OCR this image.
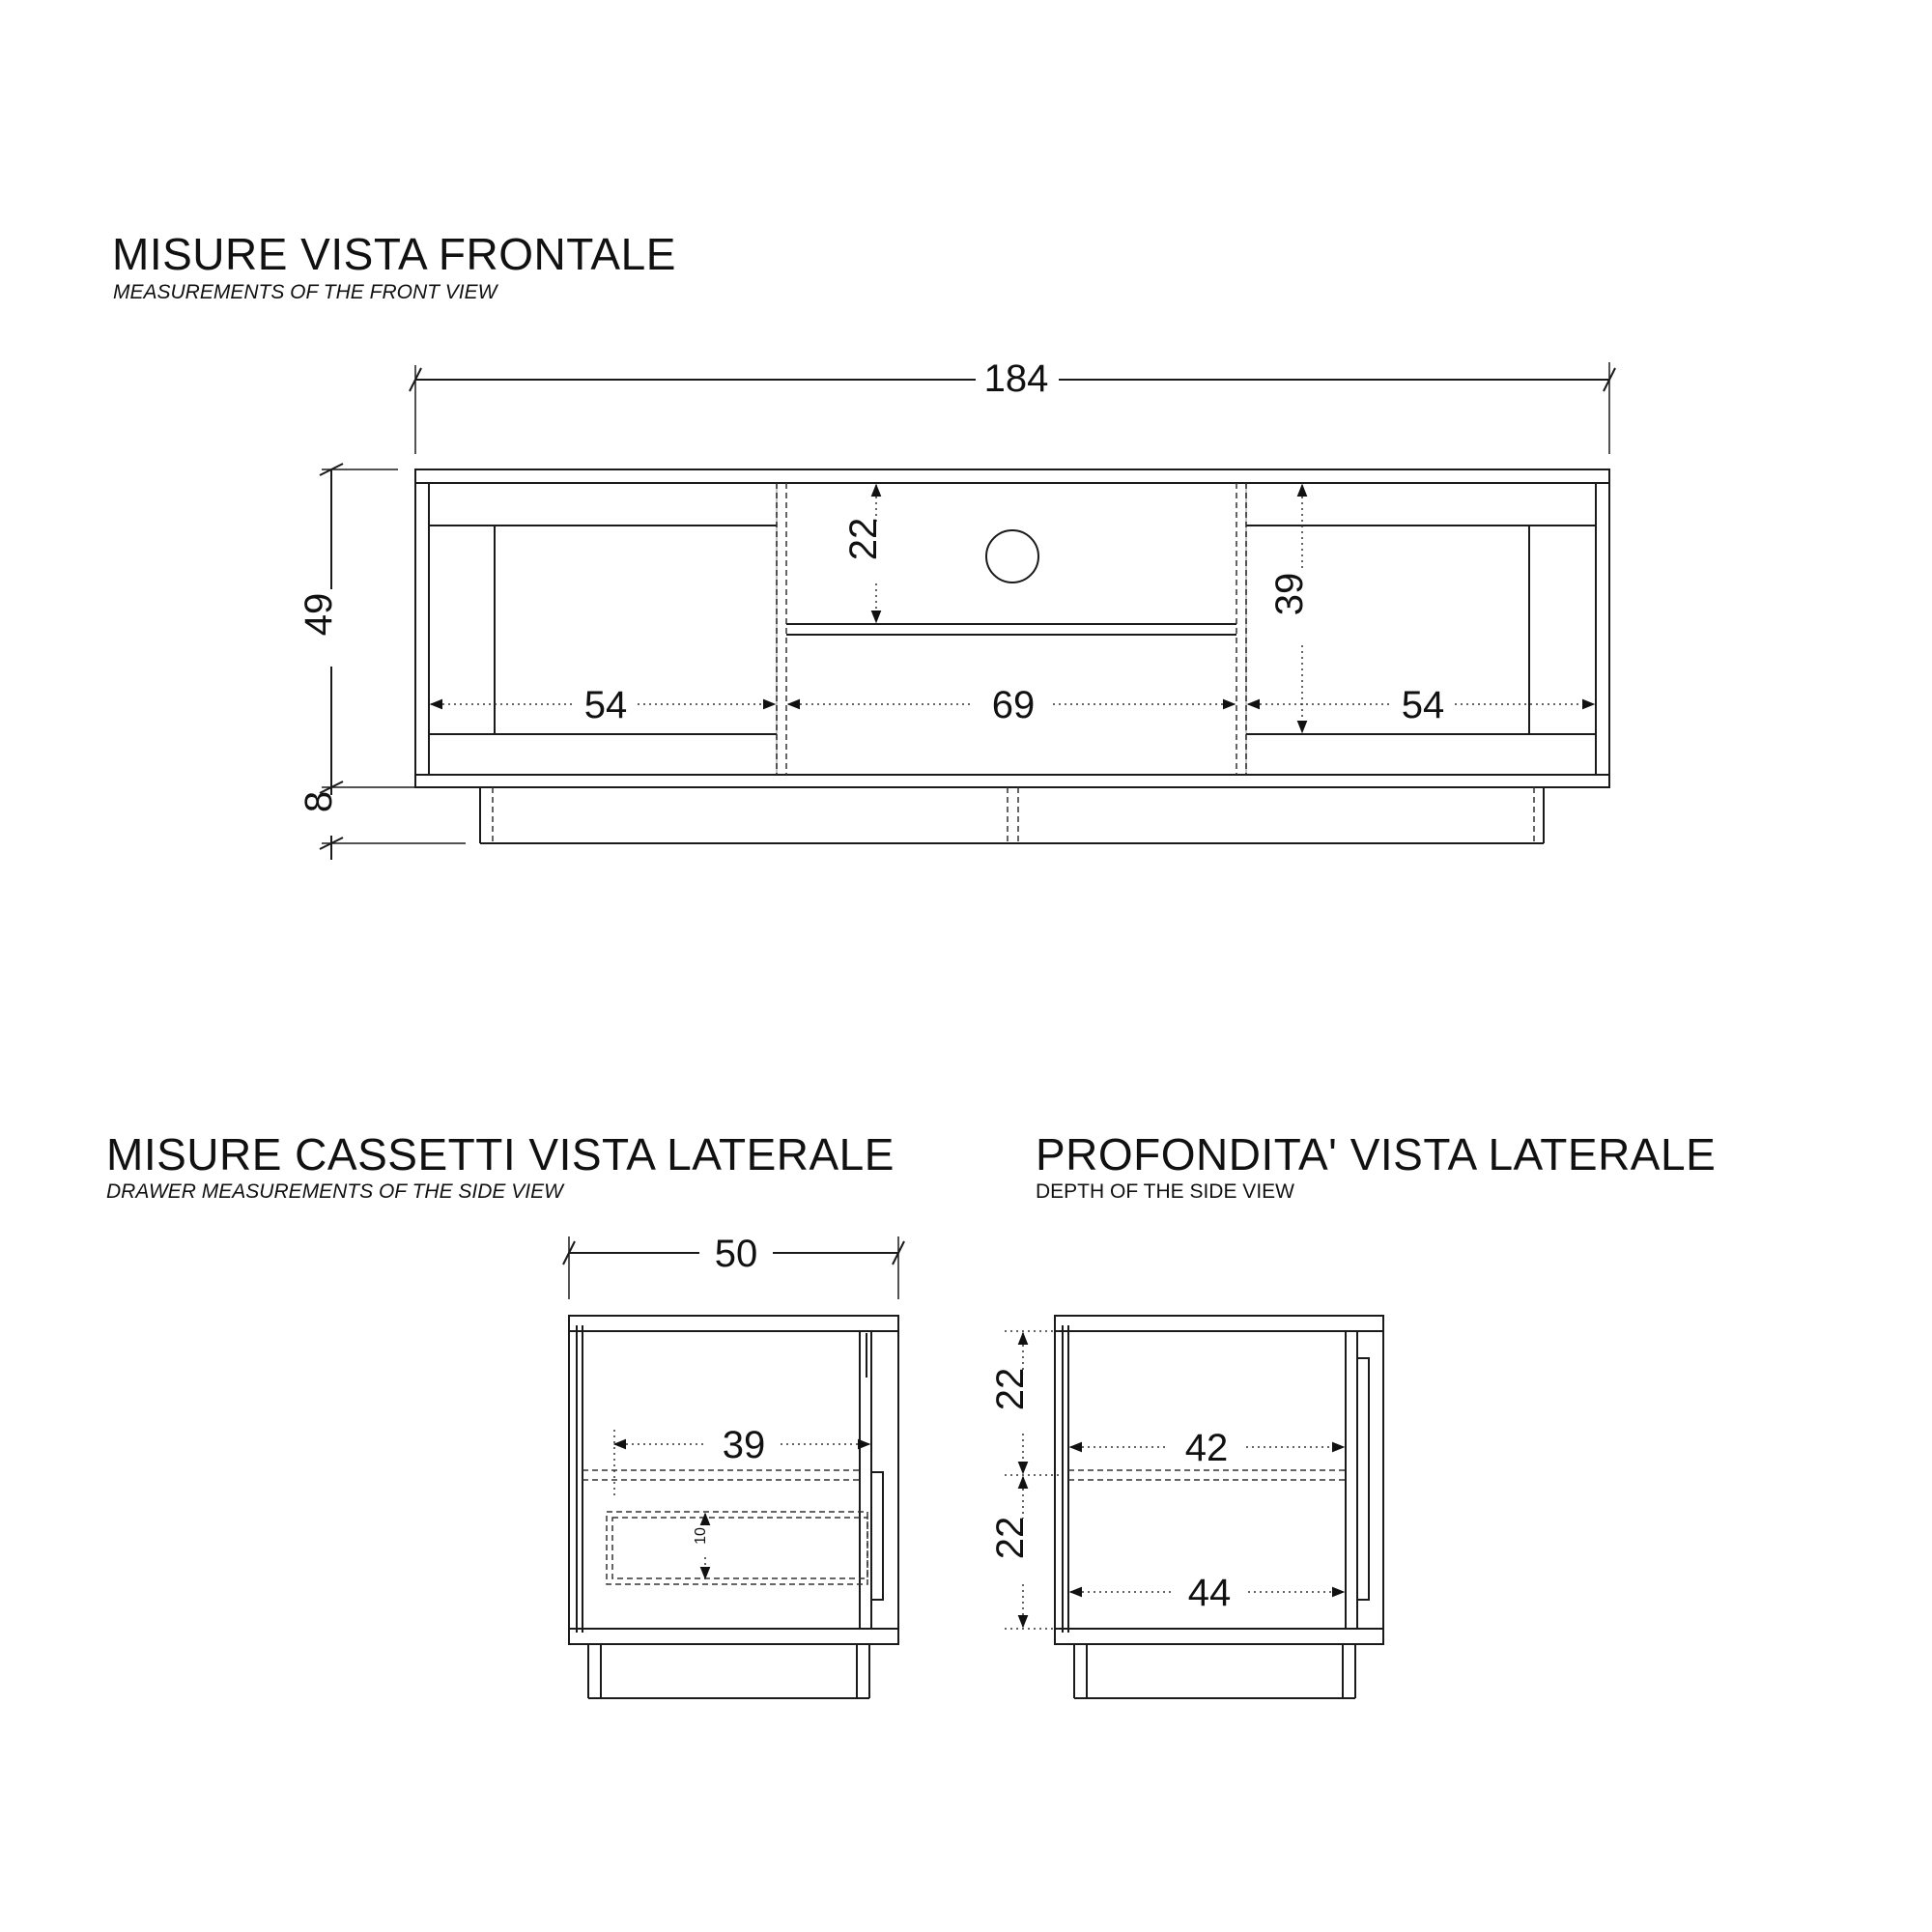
MISURE VISTA FRONTALE
MEASUREMENTS OF THE FRONT VIEW
MISURE CASSETTI VISTA LATERALE
DRAWER MEASUREMENTS OF THE SIDE VIEW
PROFONDITA' VISTA LATERALE
DEPTH OF THE SIDE VIEW
184
49
8
54	69	54
22
39
50
39
10
22
22
42
44
